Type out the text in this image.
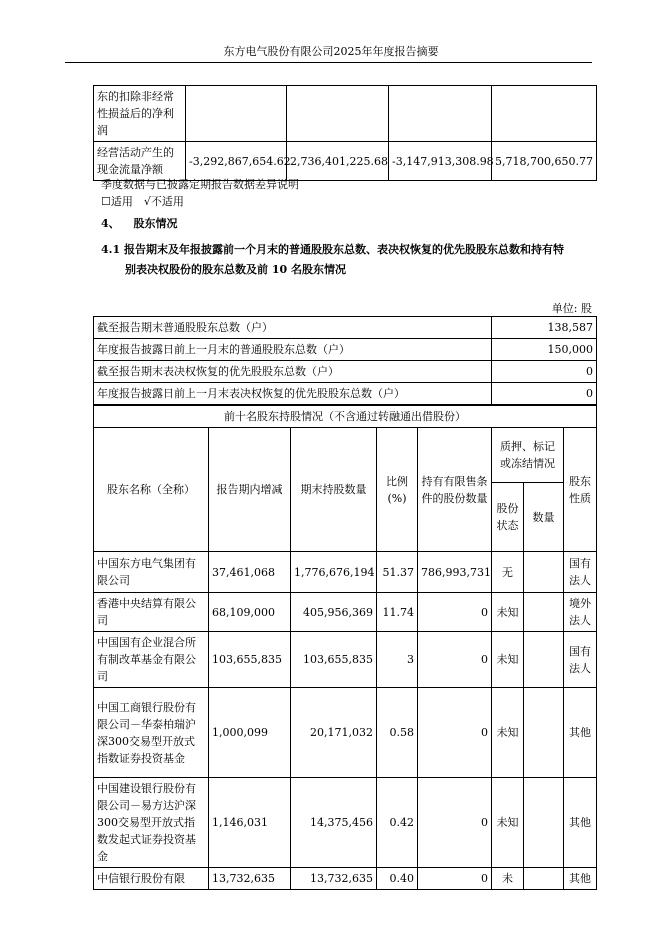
东方电气股份有限公司2025年年度报告摘要
东的扣除非经常性损益后的净利润				
经营活动产生的现金流量净额	-3,292,867,654.62	2,736,401,225.68	-3,147,913,308.98	5,718,700,650.77
季度数据与已披露定期报告数据差异说明
☐适用　√不适用
4、 股东情况
4.1 报告期末及年报披露前一个月末的普通股股东总数、表决权恢复的优先股股东总数和持有特
别表决权股份的股东总数及前 10 名股东情况
单位: 股
截至报告期末普通股股东总数（户）	138,587
年度报告披露日前上一月末的普通股股东总数（户）	150,000
截至报告期末表决权恢复的优先股股东总数（户）	0
年度报告披露日前上一月末表决权恢复的优先股股东总数（户）	0
前十名股东持股情况（不含通过转融通出借股份）							
股东名称（全称）	报告期内增减	期末持股数量	比例(%)	持有有限售条件的股份数量	质押、标记或冻结情况		股东性质
					股份状态	数量	
中国东方电气集团有限公司	37,461,068	1,776,676,194	51.37	786,993,731	无		国有法人
香港中央结算有限公司	68,109,000	405,956,369	11.74	0	未知		境外法人
中国国有企业混合所有制改革基金有限公司	103,655,835	103,655,835	3	0	未知		国有法人
中国工商银行股份有限公司－华泰柏瑞沪深300交易型开放式指数证券投资基金	1,000,099	20,171,032	0.58	0	未知		其他
中国建设银行股份有限公司－易方达沪深300交易型开放式指数发起式证券投资基金	1,146,031	14,375,456	0.42	0	未知		其他
中信银行股份有限	13,732,635	13,732,635	0.40	0	未		其他
